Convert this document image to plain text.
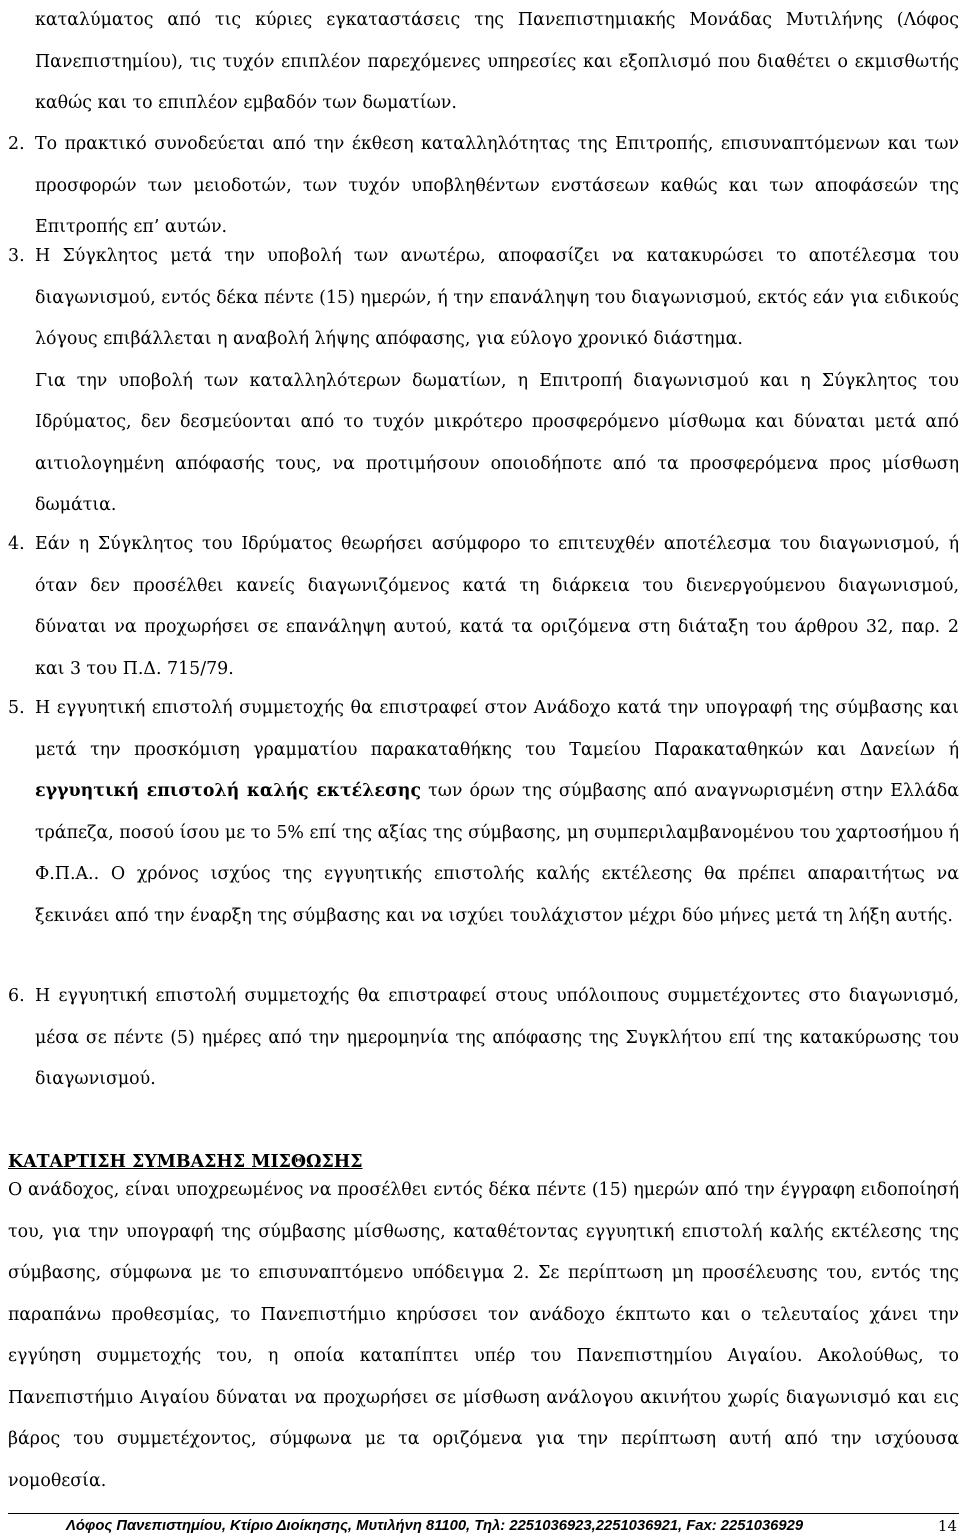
καταλύματος από τις κύριες εγκαταστάσεις της Πανεπιστημιακής Μονάδας Μυτιλήνης (Λόφος Πανεπιστημίου), τις τυχόν επιπλέον παρεχόμενες υπηρεσίες και εξοπλισμό που διαθέτει ο εκμισθωτής καθώς και το επιπλέον εμβαδόν των δωματίων.

2. Το πρακτικό συνοδεύεται από την έκθεση καταλληλότητας της Επιτροπής, επισυναπτόμενων και των προσφορών των μειοδοτών, των τυχόν υποβληθέντων ενστάσεων καθώς και των αποφάσεών της Επιτροπής επ’ αυτών.
3. Η Σύγκλητος μετά την υποβολή των ανωτέρω, αποφασίζει να κατακυρώσει το αποτέλεσμα του διαγωνισμού, εντός δέκα πέντε (15) ημερών, ή την επανάληψη του διαγωνισμού, εκτός εάν για ειδικούς λόγους επιβάλλεται η αναβολή λήψης απόφασης, για εύλογο χρονικό διάστημα.
Για την υποβολή των καταλληλότερων δωματίων, η Επιτροπή διαγωνισμού και η Σύγκλητος του Ιδρύματος, δεν δεσμεύονται από το τυχόν μικρότερο προσφερόμενο μίσθωμα και δύναται μετά από αιτιολογημένη απόφασής τους, να προτιμήσουν οποιοδήποτε από τα προσφερόμενα προς μίσθωση δωμάτια.
4. Εάν η Σύγκλητος του Ιδρύματος θεωρήσει ασύμφορο το επιτευχθέν αποτέλεσμα του διαγωνισμού, ή όταν δεν προσέλθει κανείς διαγωνιζόμενος κατά τη διάρκεια του διενεργούμενου διαγωνισμού, δύναται να προχωρήσει σε επανάληψη αυτού, κατά τα οριζόμενα στη διάταξη του άρθρου 32, παρ. 2 και 3 του Π.Δ. 715/79.
5. Η εγγυητική επιστολή συμμετοχής θα επιστραφεί στον Ανάδοχο κατά την υπογραφή της σύμβασης και μετά την προσκόμιση γραμματίου παρακαταθήκης του Ταμείου Παρακαταθηκών και Δανείων ή εγγυητική επιστολή καλής εκτέλεσης των όρων της σύμβασης από αναγνωρισμένη στην Ελλάδα τράπεζα, ποσού ίσου με το 5% επί της αξίας της σύμβασης, μη συμπεριλαμβανομένου του χαρτοσήμου ή Φ.Π.Α.. Ο χρόνος ισχύος της εγγυητικής επιστολής καλής εκτέλεσης θα πρέπει απαραιτήτως να ξεκινάει από την έναρξη της σύμβασης και να ισχύει τουλάχιστον μέχρι δύο μήνες μετά τη λήξη αυτής.
6. Η εγγυητική επιστολή συμμετοχής θα επιστραφεί στους υπόλοιπους συμμετέχοντες στο διαγωνισμό, μέσα σε πέντε (5) ημέρες από την ημερομηνία της απόφασης της Συγκλήτου επί της κατακύρωσης του διαγωνισμού.
ΚΑΤΑΡΤΙΣΗ ΣΥΜΒΑΣΗΣ ΜΙΣΘΩΣΗΣ

Ο ανάδοχος, είναι υποχρεωμένος να προσέλθει εντός δέκα πέντε (15) ημερών από την έγγραφη ειδοποίησή του, για την υπογραφή της σύμβασης μίσθωσης, καταθέτοντας εγγυητική επιστολή καλής εκτέλεσης της σύμβασης, σύμφωνα με το επισυναπτόμενο υπόδειγμα 2. Σε περίπτωση μη προσέλευσης του, εντός της παραπάνω προθεσμίας, το Πανεπιστήμιο κηρύσσει τον ανάδοχο έκπτωτο και ο τελευταίος χάνει την εγγύηση συμμετοχής του, η οποία καταπίπτει υπέρ του Πανεπιστημίου Αιγαίου. Ακολούθως, το Πανεπιστήμιο Αιγαίου δύναται να προχωρήσει σε μίσθωση ανάλογου ακινήτου χωρίς διαγωνισμό και εις βάρος του συμμετέχοντος, σύμφωνα με τα οριζόμενα για την περίπτωση αυτή από την ισχύουσα νομοθεσία.

Λόφος Πανεπιστημίου, Κτίριο Διοίκησης, Μυτιλήνη 81100, Τηλ: 2251036923,2251036921, Fax: 2251036929	14
